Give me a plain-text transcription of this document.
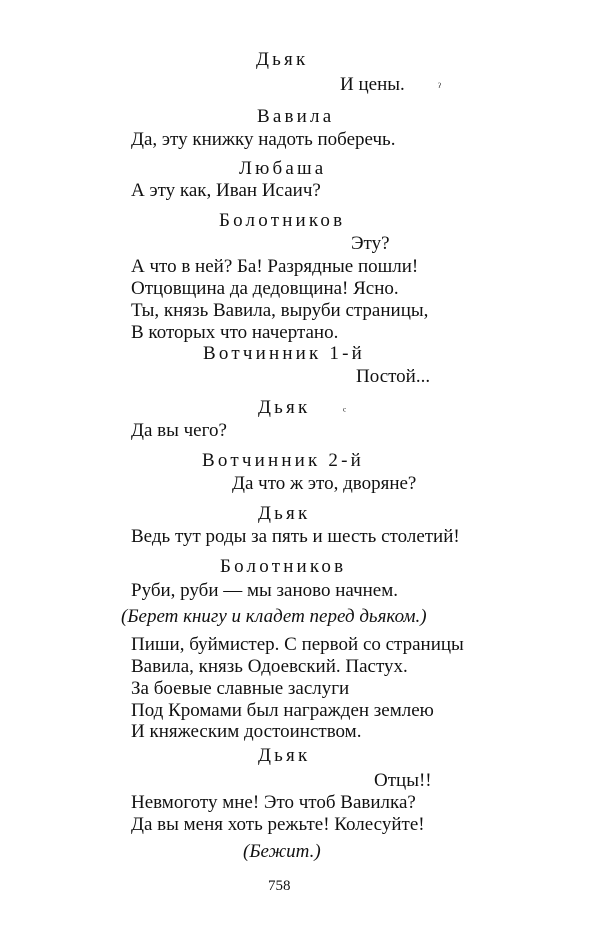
Дьяк
И цены.	ˀ
Вавила
Да, эту книжку надоть поберечь.
Любаша
А эту как, Иван Исаич?
Болотников
Эту?
А что в ней? Ба! Разрядные пошли!
Отцовщина да дедовщина! Ясно.
Ты, князь Вавила, выруби страницы,
В которых что начертано.
Вотчинник 1-й
Постой...
Дьяк	ᶜ
Да вы чего?
Вотчинник 2-й
Да что ж это, дворяне?
Дьяк
Ведь тут роды за пять и шесть столетий!
Болотников
Руби, руби — мы заново начнем.
(Берет книгу и кладет перед дьяком.)
Пиши, буймистер. С первой со страницы
Вавила, князь Одоевский. Пастух.
За боевые славные заслуги
Под Кромами был награжден землею
И княжеским достоинством.
Дьяк
Отцы!!
Невмоготу мне! Это чтоб Вавилка?
Да вы меня хоть режьте! Колесуйте!
(Бежит.)
758
